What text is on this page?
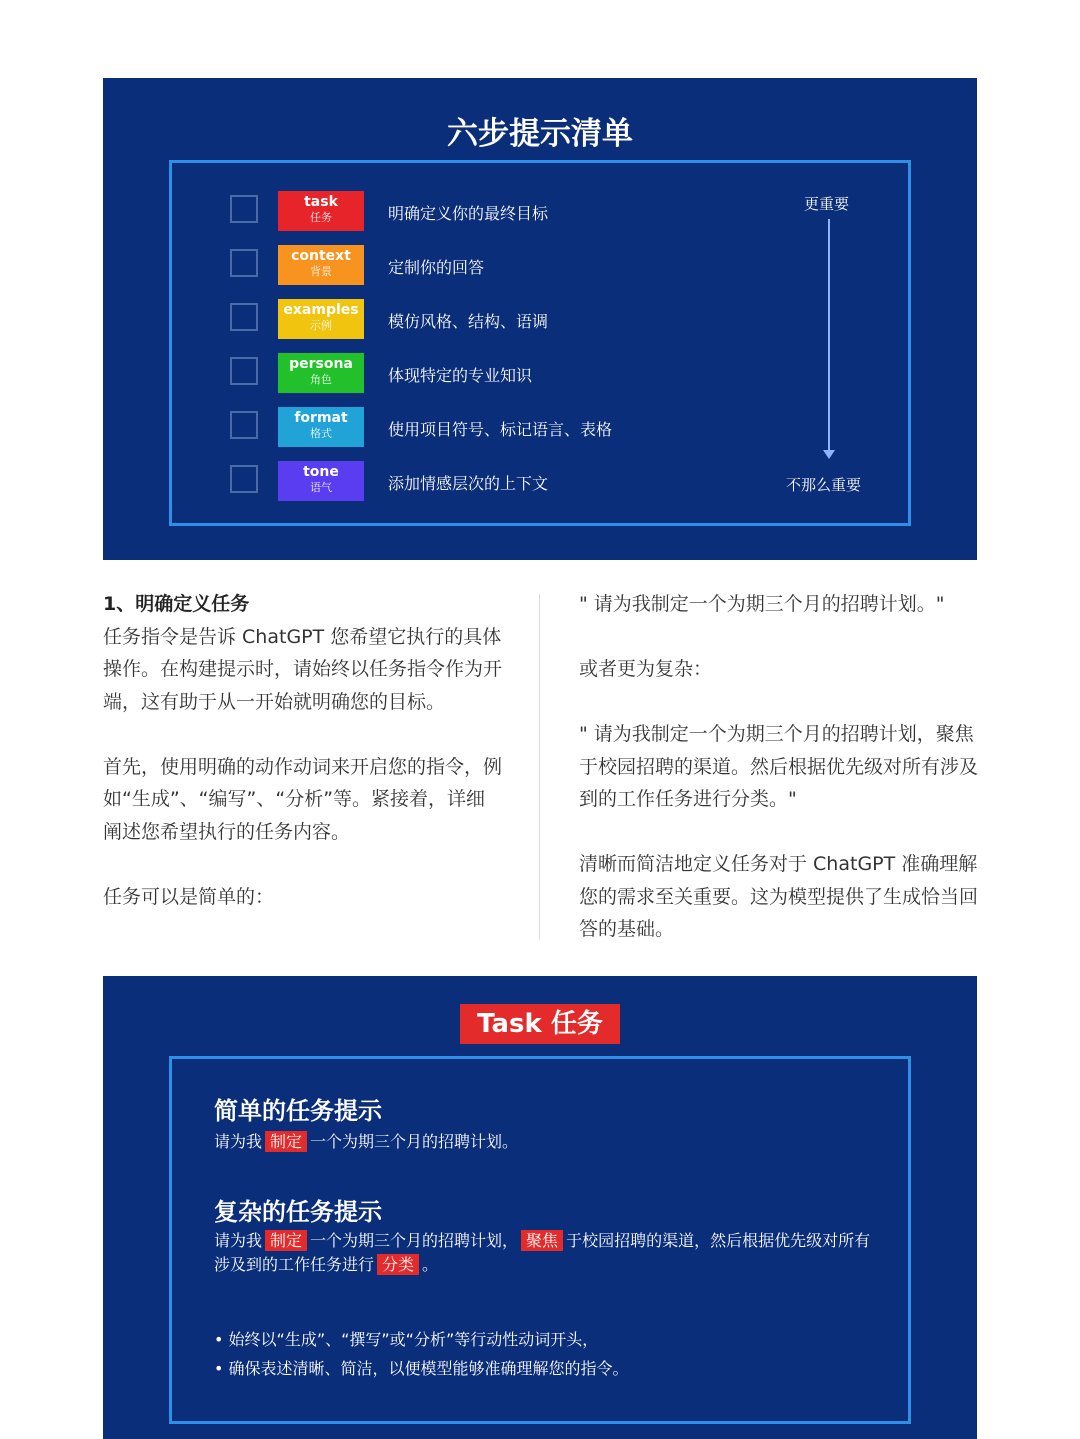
六步提示清单
task
任务	明确定义你的最终目标
context
背景	定制你的回答
examples
示例	模仿风格、结构、语调
persona
角色	体现特定的专业知识
format
格式	使用项目符号、标记语言、表格
tone
语气	添加情感层次的上下文
更重要
不那么重要

1、明确定义任务

任务指令是告诉 ChatGPT 您希望它执行的具体操作。在构建提示时，请始终以任务指令作为开端，这有助于从一开始就明确您的目标。

首先，使用明确的动作动词来开启您的指令，例如“生成”、“编写”、“分析”等。紧接着，详细阐述您希望执行的任务内容。

任务可以是简单的：

" 请为我制定一个为期三个月的招聘计划。"

或者更为复杂：

" 请为我制定一个为期三个月的招聘计划，聚焦于校园招聘的渠道。然后根据优先级对所有涉及到的工作任务进行分类。"

清晰而简洁地定义任务对于 ChatGPT 准确理解您的需求至关重要。这为模型提供了生成恰当回答的基础。

Task 任务
简单的任务提示
请为我 制定 一个为期三个月的招聘计划。
复杂的任务提示
请为我 制定 一个为期三个月的招聘计划， 聚焦 于校园招聘的渠道，然后根据优先级对所有涉及到的工作任务进行 分类 。
• 始终以“生成”、“撰写”或“分析”等行动性动词开头，
• 确保表述清晰、简洁，以便模型能够准确理解您的指令。
